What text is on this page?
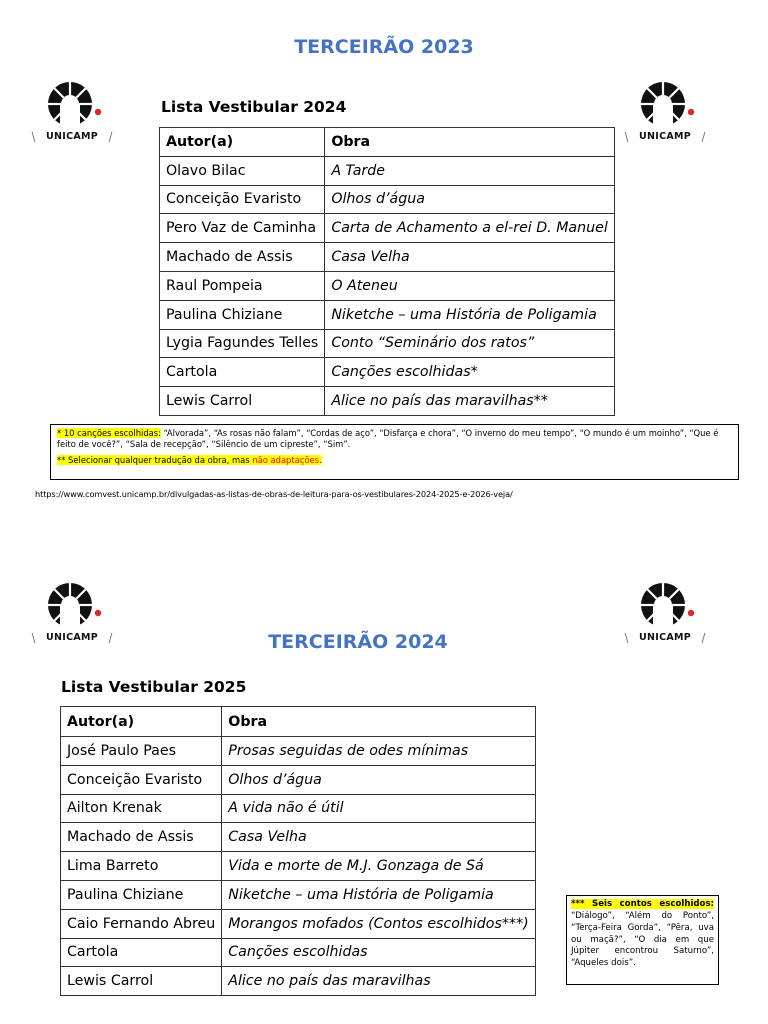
TERCEIRÃO 2023
UNICAMP	UNICAMP
Lista Vestibular 2024
Autor(a)	Obra
Olavo Bilac	A Tarde
Conceição Evaristo	Olhos d’água
Pero Vaz de Caminha	Carta de Achamento a el-rei D. Manuel
Machado de Assis	Casa Velha
Raul Pompeia	O Ateneu
Paulina Chiziane	Niketche – uma História de Poligamia
Lygia Fagundes Telles	Conto “Seminário dos ratos”
Cartola	Canções escolhidas*
Lewis Carrol	Alice no país das maravilhas**
* 10 canções escolhidas: “Alvorada”, “As rosas não falam”, “Cordas de aço”, “Disfarça e chora”, “O inverno do meu tempo”, “O mundo é um moinho”, “Que é feito de você?”, “Sala de recepção”, “Silêncio de um cipreste”, “Sim”.
** Selecionar qualquer tradução da obra, mas não adaptações.
https://www.comvest.unicamp.br/divulgadas-as-listas-de-obras-de-leitura-para-os-vestibulares-2024-2025-e-2026-veja/
UNICAMP	UNICAMP
TERCEIRÃO 2024
Lista Vestibular 2025
Autor(a)	Obra
José Paulo Paes	Prosas seguidas de odes mínimas
Conceição Evaristo	Olhos d’água
Ailton Krenak	A vida não é útil
Machado de Assis	Casa Velha
Lima Barreto	Vida e morte de M.J. Gonzaga de Sá
Paulina Chiziane	Niketche – uma História de Poligamia
Caio Fernando Abreu	Morangos mofados (Contos escolhidos***)
Cartola	Canções escolhidas
Lewis Carrol	Alice no país das maravilhas
*** Seis contos escolhidos: “Diálogo”, “Além do Ponto”, “Terça-Feira Gorda”, “Pêra, uva ou maçã?”, “O dia em que Júpiter encontrou Saturno”, “Aqueles dois”.
